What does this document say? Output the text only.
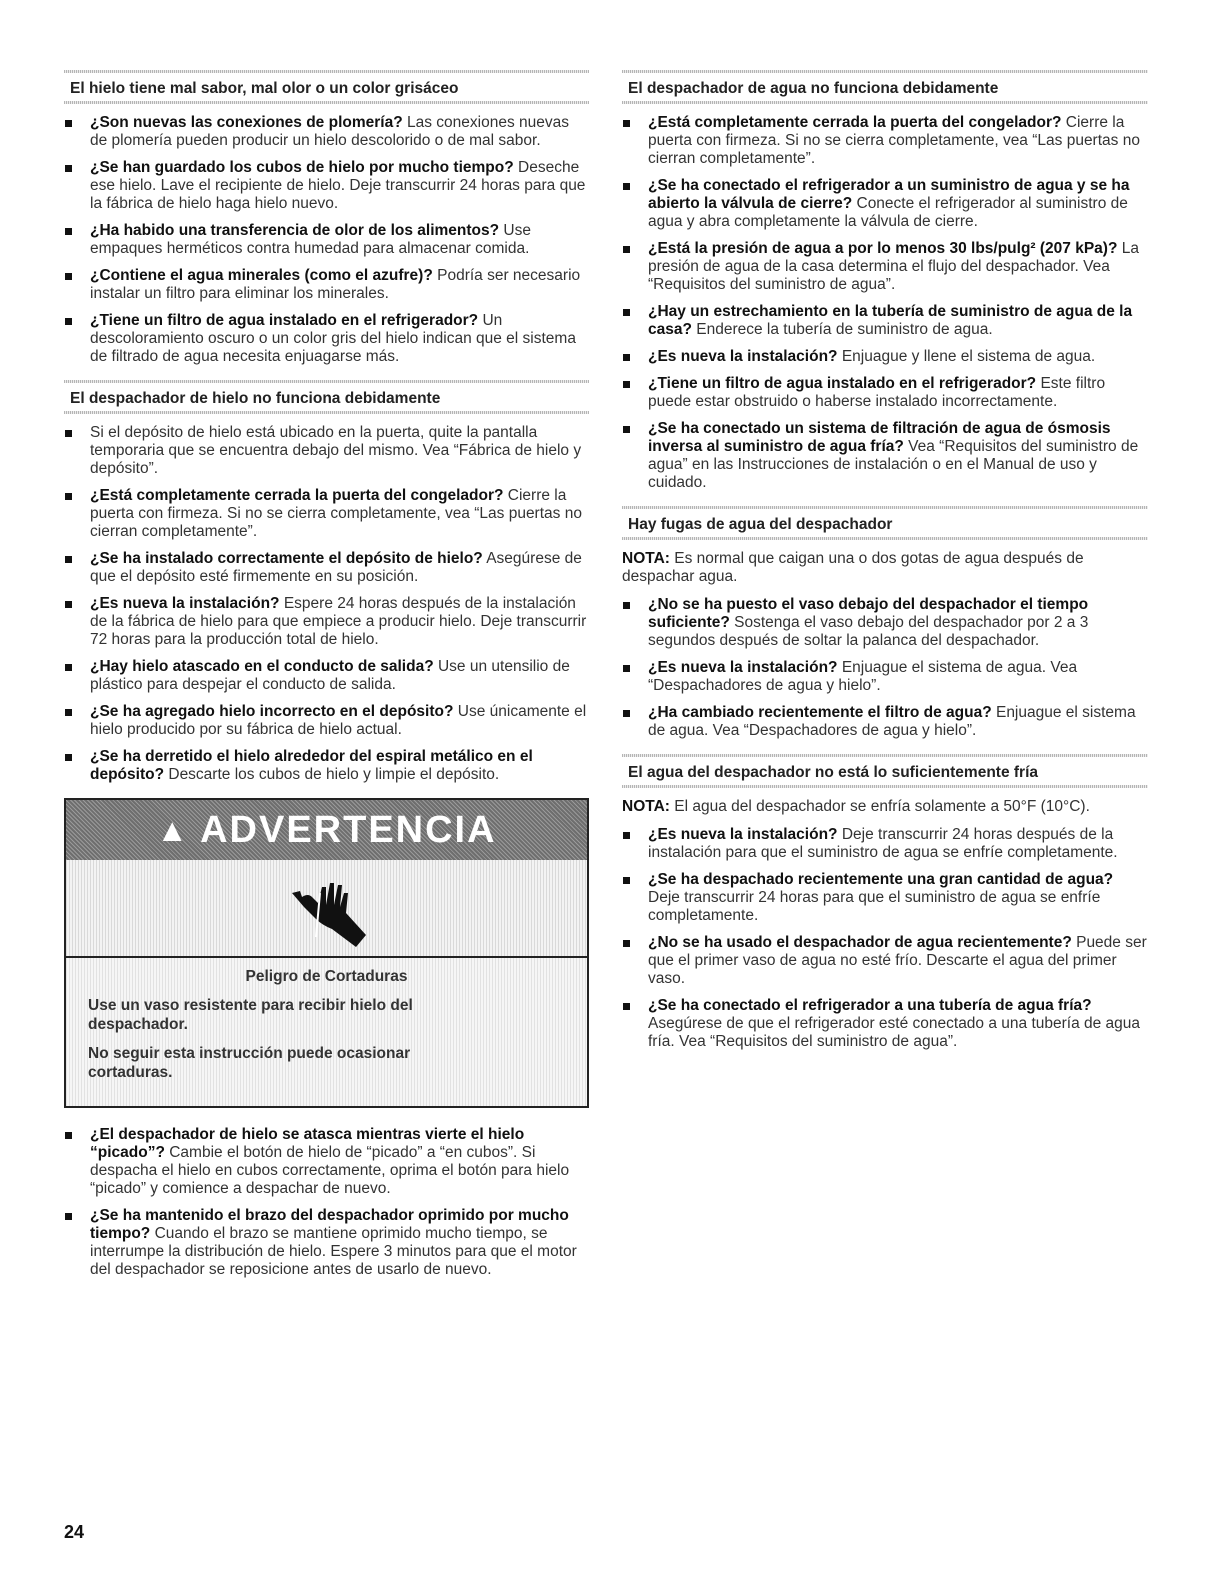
El hielo tiene mal sabor, mal olor o un color grisáceo
¿Son nuevas las conexiones de plomería? Las conexiones nuevas de plomería pueden producir un hielo descolorido o de mal sabor.
¿Se han guardado los cubos de hielo por mucho tiempo? Deseche ese hielo. Lave el recipiente de hielo. Deje transcurrir 24 horas para que la fábrica de hielo haga hielo nuevo.
¿Ha habido una transferencia de olor de los alimentos? Use empaques herméticos contra humedad para almacenar comida.
¿Contiene el agua minerales (como el azufre)? Podría ser necesario instalar un filtro para eliminar los minerales.
¿Tiene un filtro de agua instalado en el refrigerador? Un descoloramiento oscuro o un color gris del hielo indican que el sistema de filtrado de agua necesita enjuagarse más.
El despachador de hielo no funciona debidamente
Si el depósito de hielo está ubicado en la puerta, quite la pantalla temporaria que se encuentra debajo del mismo. Vea “Fábrica de hielo y depósito”.
¿Está completamente cerrada la puerta del congelador? Cierre la puerta con firmeza. Si no se cierra completamente, vea “Las puertas no cierran completamente”.
¿Se ha instalado correctamente el depósito de hielo? Asegúrese de que el depósito esté firmemente en su posición.
¿Es nueva la instalación? Espere 24 horas después de la instalación de la fábrica de hielo para que empiece a producir hielo. Deje transcurrir 72 horas para la producción total de hielo.
¿Hay hielo atascado en el conducto de salida? Use un utensilio de plástico para despejar el conducto de salida.
¿Se ha agregado hielo incorrecto en el depósito? Use únicamente el hielo producido por su fábrica de hielo actual.
¿Se ha derretido el hielo alrededor del espiral metálico en el depósito? Descarte los cubos de hielo y limpie el depósito.
▲ ADVERTENCIA
Peligro de Cortaduras

Use un vaso resistente para recibir hielo del despachador.

No seguir esta instrucción puede ocasionar cortaduras.

¿El despachador de hielo se atasca mientras vierte el hielo “picado”? Cambie el botón de hielo de “picado” a “en cubos”. Si despacha el hielo en cubos correctamente, oprima el botón para hielo “picado” y comience a despachar de nuevo.
¿Se ha mantenido el brazo del despachador oprimido por mucho tiempo? Cuando el brazo se mantiene oprimido mucho tiempo, se interrumpe la distribución de hielo. Espere 3 minutos para que el motor del despachador se reposicione antes de usarlo de nuevo.
El despachador de agua no funciona debidamente
¿Está completamente cerrada la puerta del congelador? Cierre la puerta con firmeza. Si no se cierra completamente, vea “Las puertas no cierran completamente”.
¿Se ha conectado el refrigerador a un suministro de agua y se ha abierto la válvula de cierre? Conecte el refrigerador al suministro de agua y abra completamente la válvula de cierre.
¿Está la presión de agua a por lo menos 30 lbs/pulg² (207 kPa)? La presión de agua de la casa determina el flujo del despachador. Vea “Requisitos del suministro de agua”.
¿Hay un estrechamiento en la tubería de suministro de agua de la casa? Enderece la tubería de suministro de agua.
¿Es nueva la instalación? Enjuague y llene el sistema de agua.
¿Tiene un filtro de agua instalado en el refrigerador? Este filtro puede estar obstruido o haberse instalado incorrectamente.
¿Se ha conectado un sistema de filtración de agua de ósmosis inversa al suministro de agua fría? Vea “Requisitos del suministro de agua” en las Instrucciones de instalación o en el Manual de uso y cuidado.
Hay fugas de agua del despachador

NOTA: Es normal que caigan una o dos gotas de agua después de despachar agua.

¿No se ha puesto el vaso debajo del despachador el tiempo suficiente? Sostenga el vaso debajo del despachador por 2 a 3 segundos después de soltar la palanca del despachador.
¿Es nueva la instalación? Enjuague el sistema de agua. Vea “Despachadores de agua y hielo”.
¿Ha cambiado recientemente el filtro de agua? Enjuague el sistema de agua. Vea “Despachadores de agua y hielo”.
El agua del despachador no está lo suficientemente fría

NOTA: El agua del despachador se enfría solamente a 50°F (10°C).

¿Es nueva la instalación? Deje transcurrir 24 horas después de la instalación para que el suministro de agua se enfríe completamente.
¿Se ha despachado recientemente una gran cantidad de agua? Deje transcurrir 24 horas para que el suministro de agua se enfríe completamente.
¿No se ha usado el despachador de agua recientemente? Puede ser que el primer vaso de agua no esté frío. Descarte el agua del primer vaso.
¿Se ha conectado el refrigerador a una tubería de agua fría? Asegúrese de que el refrigerador esté conectado a una tubería de agua fría. Vea “Requisitos del suministro de agua”.
24
